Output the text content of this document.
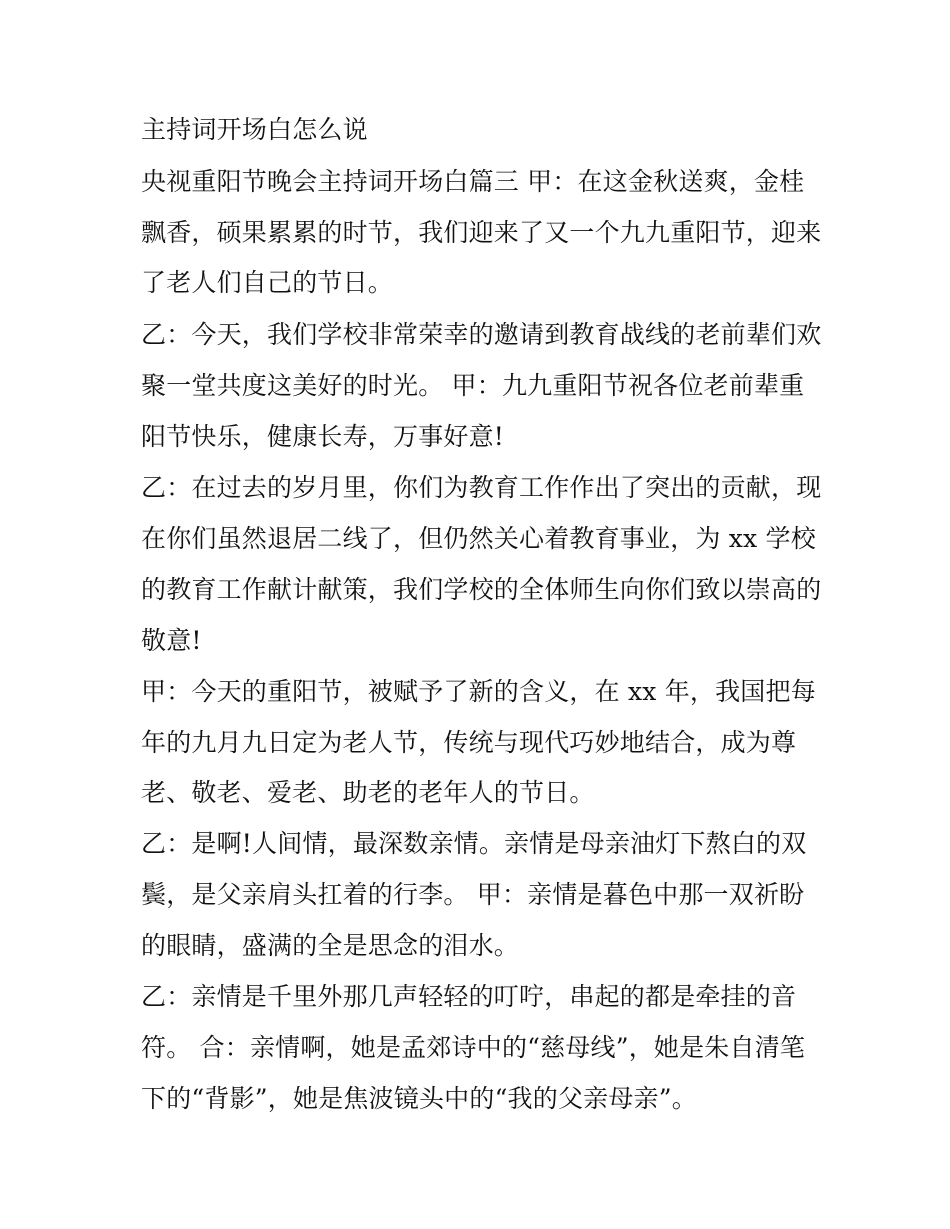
主持词开场白怎么说
央视重阳节晚会主持词开场白篇三 甲：在这金秋送爽，金桂
飘香，硕果累累的时节，我们迎来了又一个九九重阳节，迎来
了老人们自己的节日。
乙：今天，我们学校非常荣幸的邀请到教育战线的老前辈们欢
聚一堂共度这美好的时光。 甲：九九重阳节祝各位老前辈重
阳节快乐，健康长寿，万事好意!
乙：在过去的岁月里，你们为教育工作作出了突出的贡献，现
在你们虽然退居二线了，但仍然关心着教育事业，为 xx 学校
的教育工作献计献策，我们学校的全体师生向你们致以崇高的
敬意!
甲：今天的重阳节，被赋予了新的含义，在 xx 年，我国把每
年的九月九日定为老人节，传统与现代巧妙地结合，成为尊
老、敬老、爱老、助老的老年人的节日。
乙：是啊!人间情，最深数亲情。亲情是母亲油灯下熬白的双
鬓，是父亲肩头扛着的行李。 甲：亲情是暮色中那一双祈盼
的眼睛，盛满的全是思念的泪水。
乙：亲情是千里外那几声轻轻的叮咛，串起的都是牵挂的音
符。 合：亲情啊，她是孟郊诗中的“慈母线”，她是朱自清笔
下的“背影”，她是焦波镜头中的“我的父亲母亲”。
